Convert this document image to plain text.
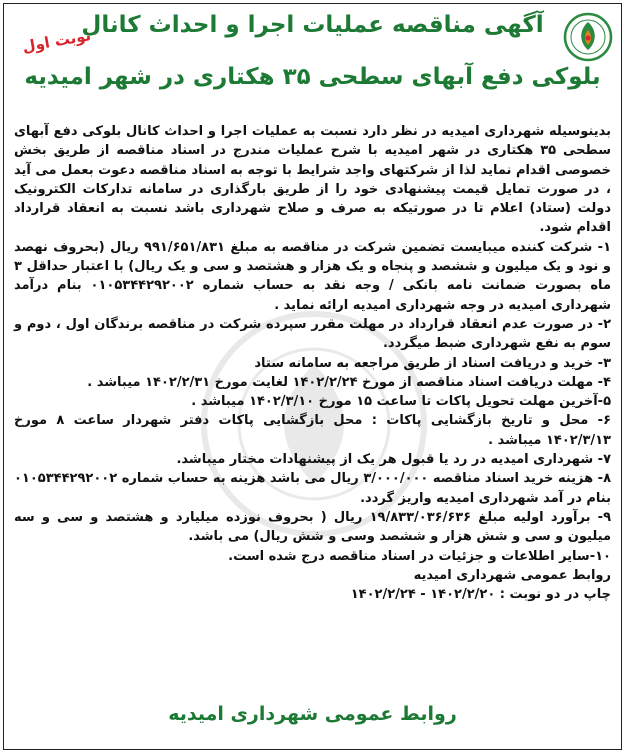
آگهی مناقصه عملیات اجرا و احداث کانال
بلوکی دفع آبهای سطحی ۳۵ هکتاری در شهر امیدیه
نوبت اول

بدینوسیله شهرداری امیدیه در نظر دارد نسبت به عملیات اجرا و احداث کانال بلوکی دفع آبهای سطحی ۳۵ هکتاری در شهر امیدیه با شرح عملیات مندرج در اسناد مناقصه از طریق بخش خصوصی اقدام نماید لذا از شرکتهای واجد شرایط با توجه به اسناد مناقصه دعوت بعمل می آید ، در صورت تمایل قیمت پیشنهادی خود را از طریق بارگذاری در سامانه تدارکات الکترونیک دولت (ستاد) اعلام تا در صورتیکه به صرف و صلاح شهرداری باشد نسبت به انعقاد قرارداد اقدام شود.

۱- شرکت کننده میبایست تضمین شرکت در مناقصه به مبلغ ۹۹۱/۶۵۱/۸۳۱ ریال (بحروف نهصد و نود و یک میلیون و ششصد و پنجاه و یک هزار و هشتصد و سی و یک ریال) با اعتبار حداقل ۳ ماه بصورت ضمانت نامه بانکی / وجه نقد به حساب شماره ۰۱۰۵۳۴۴۲۹۲۰۰۲ بنام درآمد شهرداری امیدیه در وجه شهرداری امیدیه ارائه نماید .

۲- در صورت عدم انعقاد قرارداد در مهلت مقرر سپرده شرکت در مناقصه برندگان اول ، دوم و سوم به نفع شهرداری ضبط میگردد.

۳- خرید و دریافت اسناد از طریق مراجعه به سامانه ستاد

۴- مهلت دریافت اسناد مناقصه از مورخ ۱۴۰۲/۲/۲۴ لغایت مورخ ۱۴۰۲/۲/۳۱ میباشد .

۵-آخرین مهلت تحویل پاکات تا ساعت ۱۵ مورخ ۱۴۰۲/۳/۱۰ میباشد .

۶- محل و تاریخ بازگشایی پاکات : محل بازگشایی پاکات دفتر شهردار ساعت ۸ مورخ ۱۴۰۲/۳/۱۳ میباشد .

۷- شهرداری امیدیه در رد یا قبول هر یک از پیشنهادات مختار میباشد.

۸- هزینه خرید اسناد مناقصه ۳/۰۰۰/۰۰۰ ریال می باشد هزینه به حساب شماره ۰۱۰۵۳۴۴۲۹۲۰۰۲ بنام در آمد شهرداری امیدیه واریز گردد.

۹- برآورد اولیه مبلغ ۱۹/۸۳۳/۰۳۶/۶۳۶ ریال ( بحروف نوزده میلیارد و هشتصد و سی و سه میلیون و سی و شش هزار و ششصد وسی و شش ریال) می باشد.

۱۰-سایر اطلاعات و جزئیات در اسناد مناقصه درج شده است.

روابط عمومی شهرداری امیدیه

چاپ در دو نوبت : ۱۴۰۲/۲/۲۰ - ۱۴۰۲/۲/۲۴

روابط عمومی شهرداری امیدیه
